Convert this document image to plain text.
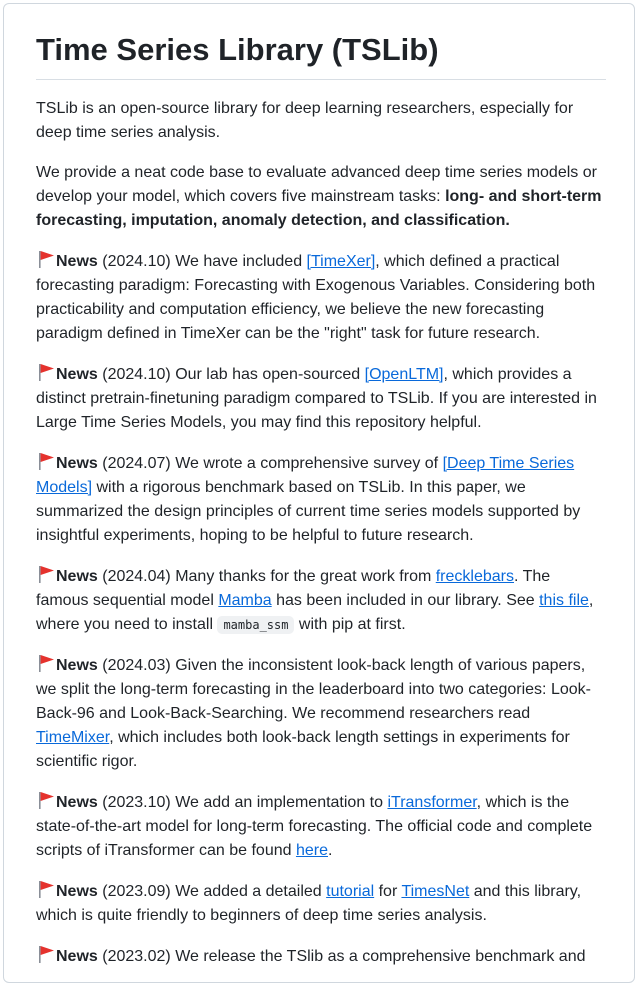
Time Series Library (TSLib)

TSLib is an open-source library for deep learning researchers, especially for deep time series analysis.

We provide a neat code base to evaluate advanced deep time series models or develop your model, which covers five mainstream tasks: long- and short-term forecasting, imputation, anomaly detection, and classification.

News (2024.10) We have included [TimeXer], which defined a practical forecasting paradigm: Forecasting with Exogenous Variables. Considering both practicability and computation efficiency, we believe the new forecasting paradigm defined in TimeXer can be the "right" task for future research.

News (2024.10) Our lab has open-sourced [OpenLTM], which provides a distinct pretrain-finetuning paradigm compared to TSLib. If you are interested in Large Time Series Models, you may find this repository helpful.

News (2024.07) We wrote a comprehensive survey of [Deep Time Series Models] with a rigorous benchmark based on TSLib. In this paper, we summarized the design principles of current time series models supported by insightful experiments, hoping to be helpful to future research.

News (2024.04) Many thanks for the great work from frecklebars. The famous sequential model Mamba has been included in our library. See this file, where you need to install mamba_ssm with pip at first.

News (2024.03) Given the inconsistent look-back length of various papers, we split the long-term forecasting in the leaderboard into two categories: Look-Back-96 and Look-Back-Searching. We recommend researchers read TimeMixer, which includes both look-back length settings in experiments for scientific rigor.

News (2023.10) We add an implementation to iTransformer, which is the state-of-the-art model for long-term forecasting. The official code and complete scripts of iTransformer can be found here.

News (2023.09) We added a detailed tutorial for TimesNet and this library, which is quite friendly to beginners of deep time series analysis.

News (2023.02) We release the TSlib as a comprehensive benchmark and
